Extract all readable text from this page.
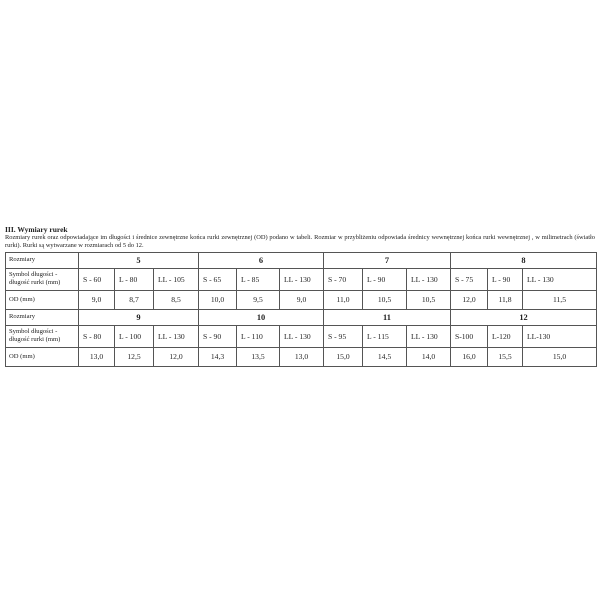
III. Wymiary rurek

Rozmiary rurek oraz odpowiadające im długości i średnice zewnętrzne końca rurki zewnętrznej (OD) podano w tabeli. Rozmiar w przybliżeniu odpowiada średnicy wewnętrznej końca rurki wewnętrznej , w milimetrach (światło rurki). Rurki są wytwarzane w rozmiarach od 5 do 12.

Rozmiary	5			6			7			8		
Symbol długości - długość rurki (mm)	S - 60	L - 80	LL - 105	S - 65	L - 85	LL - 130	S - 70	L - 90	LL - 130	S - 75	L - 90	LL - 130
OD (mm)	9,0	8,7	8,5	10,0	9,5	9,0	11,0	10,5	10,5	12,0	11,8	11,5
Rozmiary	9			10			11			12		
Symbol długości - długość rurki (mm)	S - 80	L - 100	LL - 130	S - 90	L - 110	LL - 130	S - 95	L - 115	LL - 130	S-100	L-120	LL-130
OD (mm)	13,0	12,5	12,0	14,3	13,5	13,0	15,0	14,5	14,0	16,0	15,5	15,0
